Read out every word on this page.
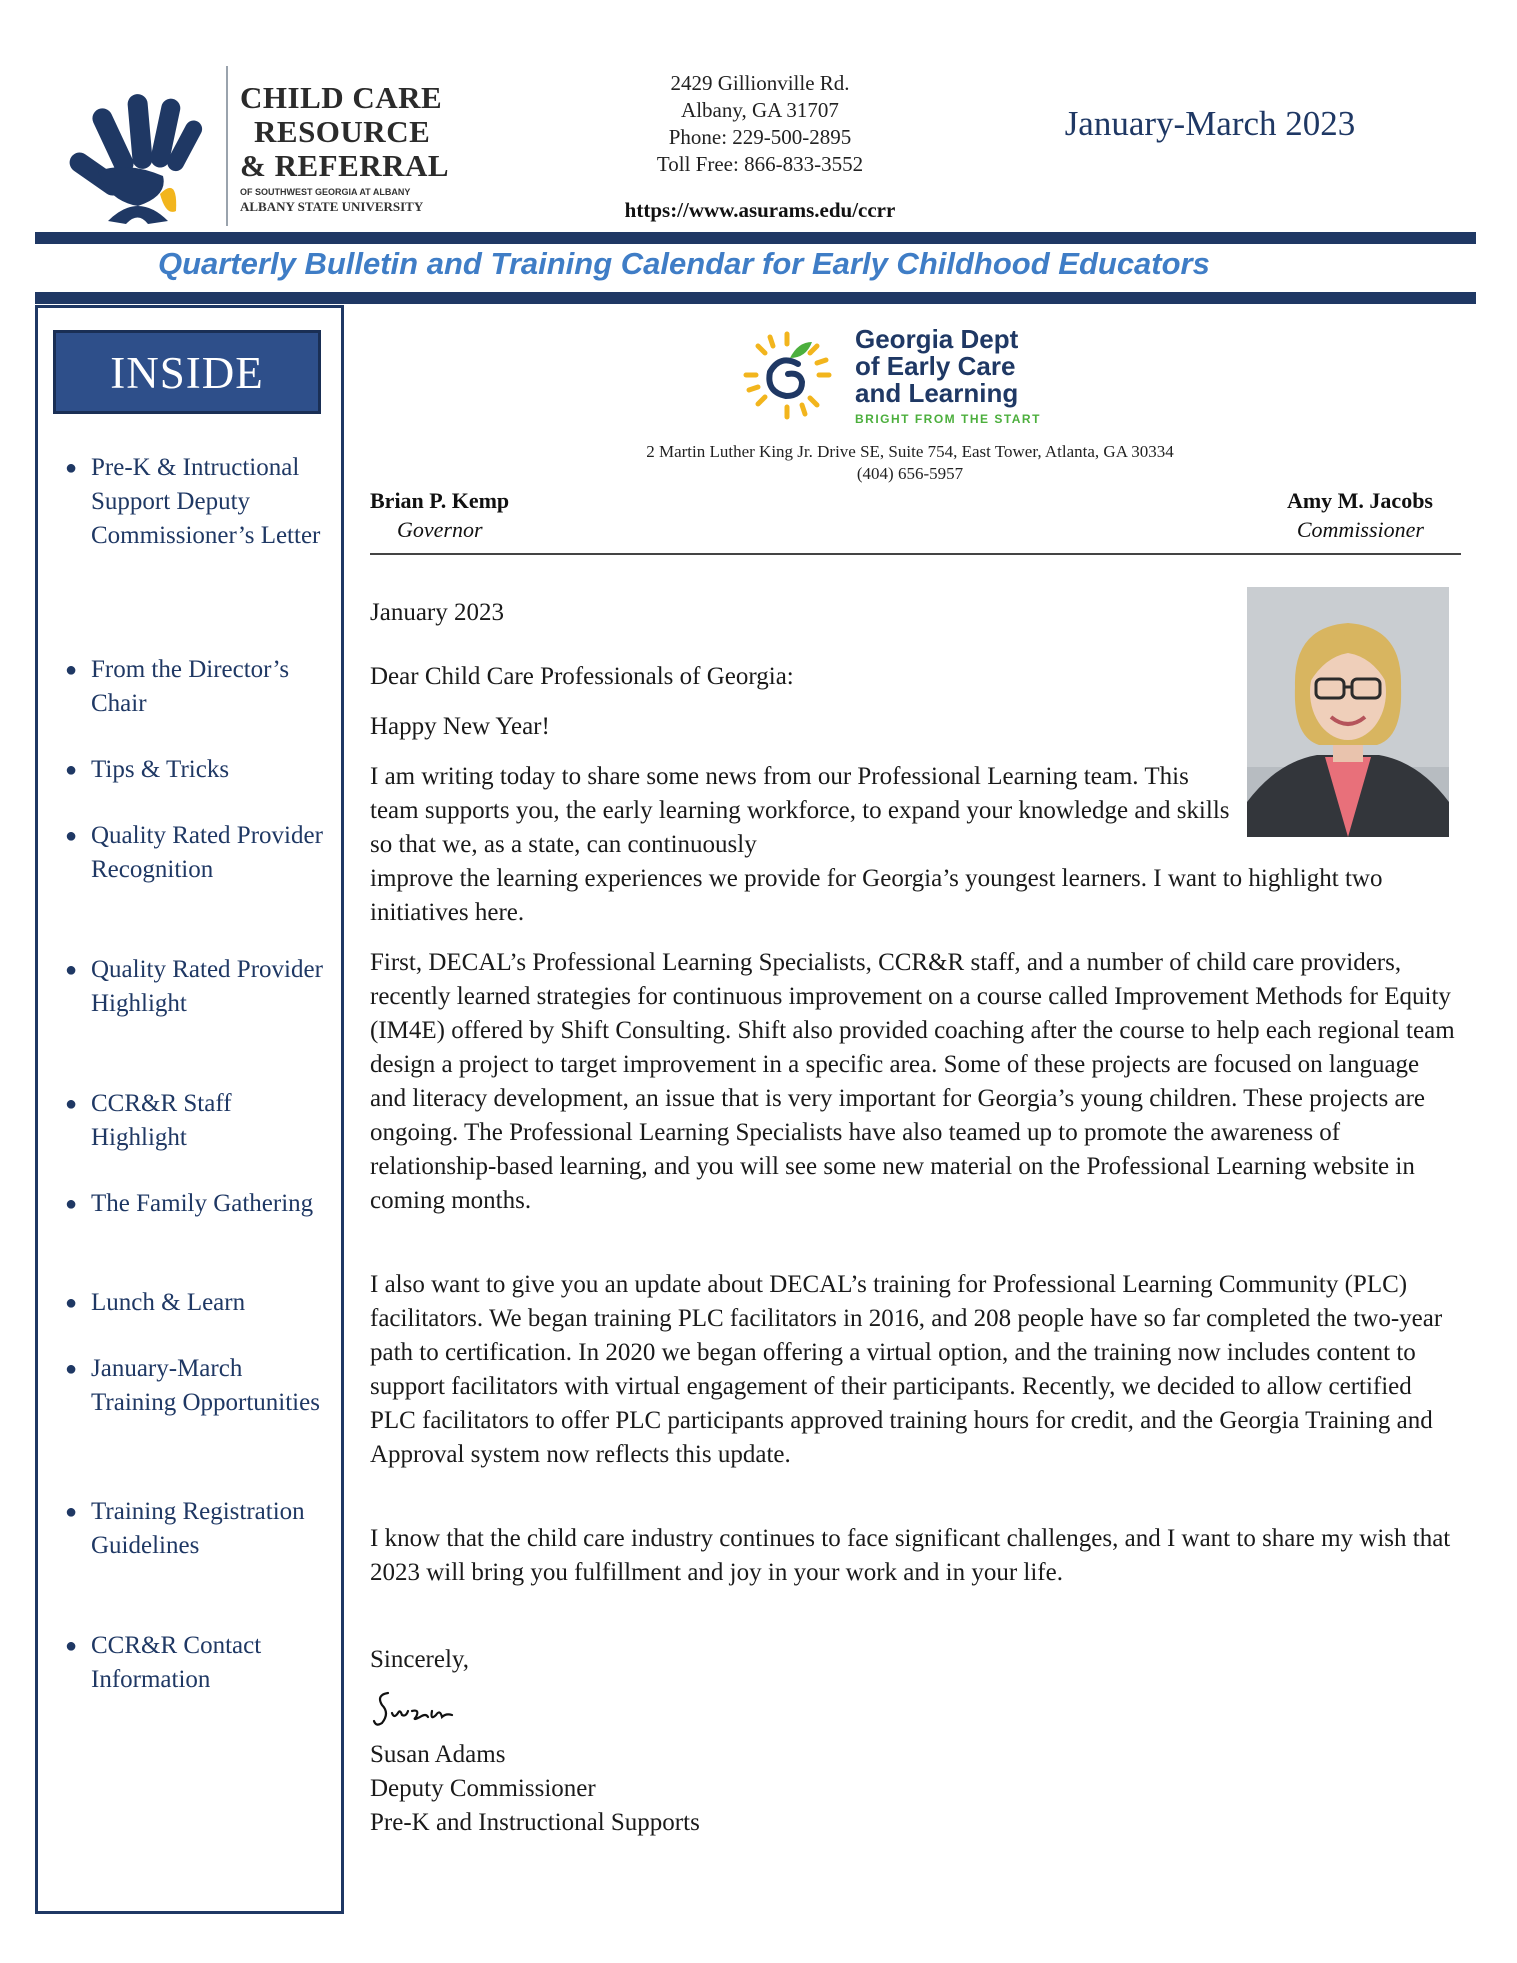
CHILD CARE
RESOURCE
& REFERRAL
OF SOUTHWEST GEORGIA AT ALBANY
ALBANY STATE UNIVERSITY
2429 Gillionville Rd.
Albany, GA 31707
Phone: 229-500-2895
Toll Free: 866-833-3552
https://www.asurams.edu/ccrr
January-March 2023
Quarterly Bulletin and Training Calendar for Early Childhood Educators
INSIDE
● Pre-K & Intructional Support Deputy Commissioner’s Letter
● From the Director’s Chair
● Tips & Tricks
● Quality Rated Provider Recognition
● Quality Rated Provider Highlight
● CCR&R Staff Highlight
● The Family Gathering
● Lunch & Learn
● January-March Training Opportunities
● Training Registration Guidelines
● CCR&R Contact Information
Georgia Dept
of Early Care
and Learning
BRIGHT FROM THE START
2 Martin Luther King Jr. Drive SE, Suite 754, East Tower, Atlanta, GA 30334
(404) 656-5957
Brian P. Kemp
Governor
Amy M. Jacobs
Commissioner
January 2023
Dear Child Care Professionals of Georgia:
Happy New Year!
I am writing today to share some news from our Professional Learning team. This team supports you, the early learning workforce, to expand your knowledge and skills so that we, as a state, can continuously
improve the learning experiences we provide for Georgia’s youngest learners. I want to highlight two initiatives here.
First, DECAL’s Professional Learning Specialists, CCR&R staff, and a number of child care providers, recently learned strategies for continuous improvement on a course called Improvement Methods for Equity (IM4E) offered by Shift Consulting. Shift also provided coaching after the course to help each regional team design a project to target improvement in a specific area. Some of these projects are focused on language and literacy development, an issue that is very important for Georgia’s young children. These projects are ongoing. The Professional Learning Specialists have also teamed up to promote the awareness of relationship-based learning, and you will see some new material on the Professional Learning website in coming months.
I also want to give you an update about DECAL’s training for Professional Learning Community (PLC) facilitators. We began training PLC facilitators in 2016, and 208 people have so far completed the two-year path to certification. In 2020 we began offering a virtual option, and the training now includes content to support facilitators with virtual engagement of their participants. Recently, we decided to allow certified PLC facilitators to offer PLC participants approved training hours for credit, and the Georgia Training and Approval system now reflects this update.
I know that the child care industry continues to face significant challenges, and I want to share my wish that 2023 will bring you fulfillment and joy in your work and in your life.
Sincerely,
Susan Adams
Deputy Commissioner
Pre-K and Instructional Supports
